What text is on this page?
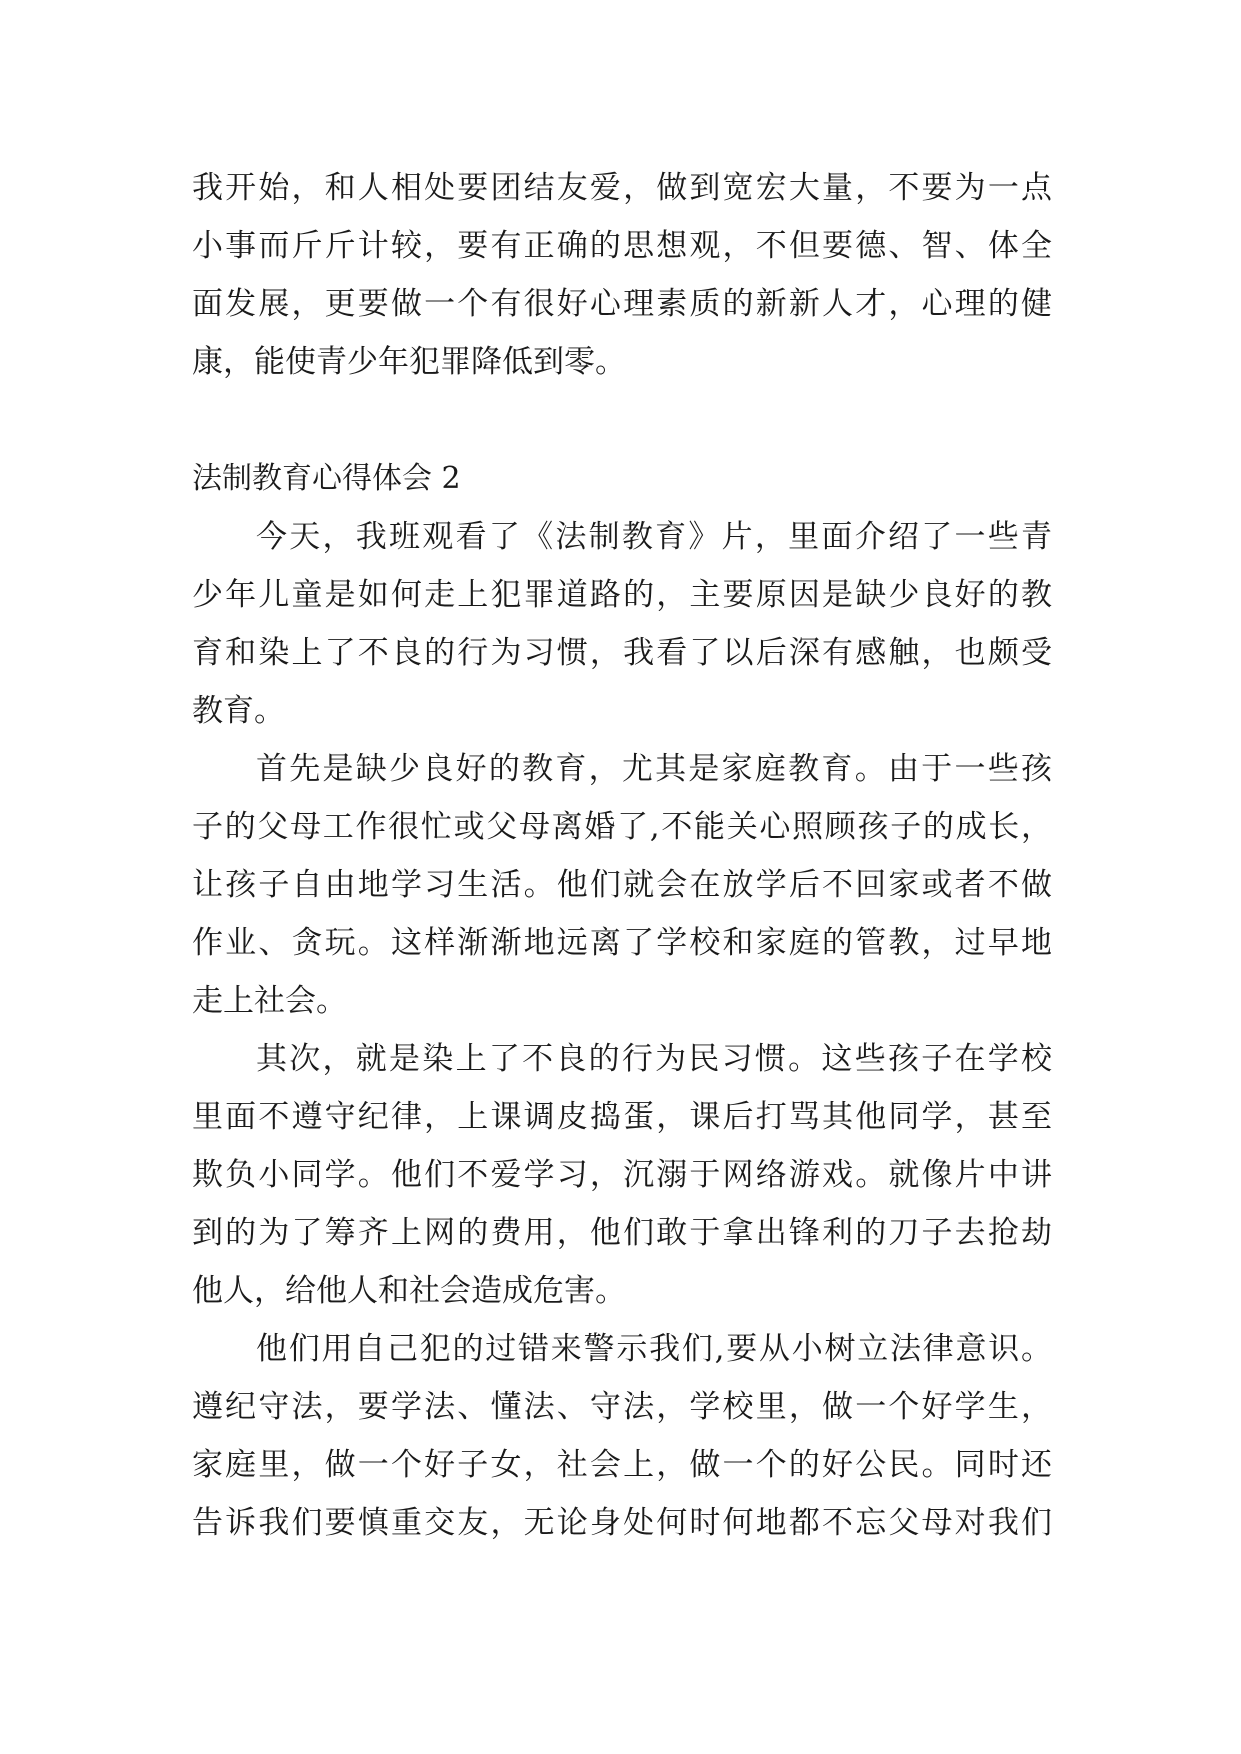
我开始，和人相处要团结友爱，做到宽宏大量，不要为一点
小事而斤斤计较，要有正确的思想观，不但要德、智、体全
面发展，更要做一个有很好心理素质的新新人才，心理的健
康，能使青少年犯罪降低到零。
法制教育心得体会 2
今天，我班观看了《法制教育》片，里面介绍了一些青
少年儿童是如何走上犯罪道路的，主要原因是缺少良好的教
育和染上了不良的行为习惯，我看了以后深有感触，也颇受
教育。
首先是缺少良好的教育，尤其是家庭教育。由于一些孩
子的父母工作很忙或父母离婚了,不能关心照顾孩子的成长，
让孩子自由地学习生活。他们就会在放学后不回家或者不做
作业、贪玩。这样渐渐地远离了学校和家庭的管教，过早地
走上社会。
其次，就是染上了不良的行为民习惯。这些孩子在学校
里面不遵守纪律，上课调皮捣蛋，课后打骂其他同学，甚至
欺负小同学。他们不爱学习，沉溺于网络游戏。就像片中讲
到的为了筹齐上网的费用，他们敢于拿出锋利的刀子去抢劫
他人，给他人和社会造成危害。
他们用自己犯的过错来警示我们,要从小树立法律意识。
遵纪守法，要学法、懂法、守法，学校里，做一个好学生，
家庭里，做一个好子女，社会上，做一个的好公民。同时还
告诉我们要慎重交友，无论身处何时何地都不忘父母对我们
